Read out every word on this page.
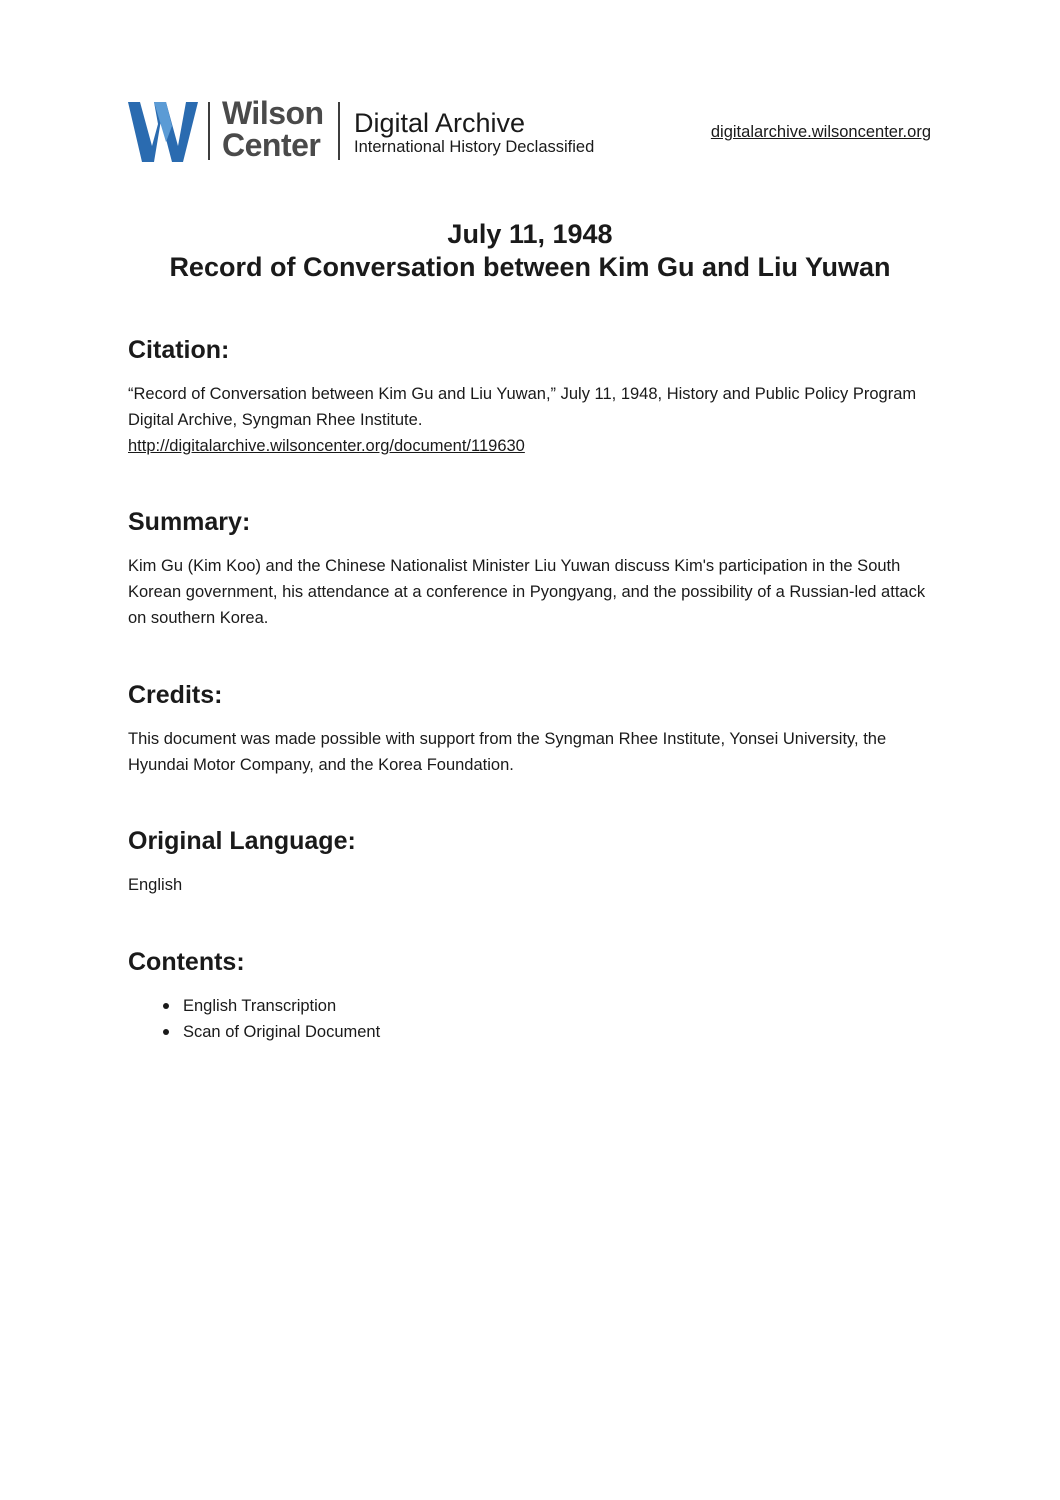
Wilson
Center
Digital Archive
International History Declassified
digitalarchive.wilsoncenter.org
July 11, 1948
Record of Conversation between Kim Gu and Liu Yuwan
Citation:
“Record of Conversation between Kim Gu and Liu Yuwan,” July 11, 1948, History and Public Policy Program Digital Archive, Syngman Rhee Institute.
http://digitalarchive.wilsoncenter.org/document/119630
Summary:
Kim Gu (Kim Koo) and the Chinese Nationalist Minister Liu Yuwan discuss Kim's participation in the South Korean government, his attendance at a conference in Pyongyang, and the possibility of a Russian-led attack on southern Korea.
Credits:
This document was made possible with support from the Syngman Rhee Institute, Yonsei University, the Hyundai Motor Company, and the Korea Foundation.
Original Language:
English
Contents:
English Transcription
Scan of Original Document
